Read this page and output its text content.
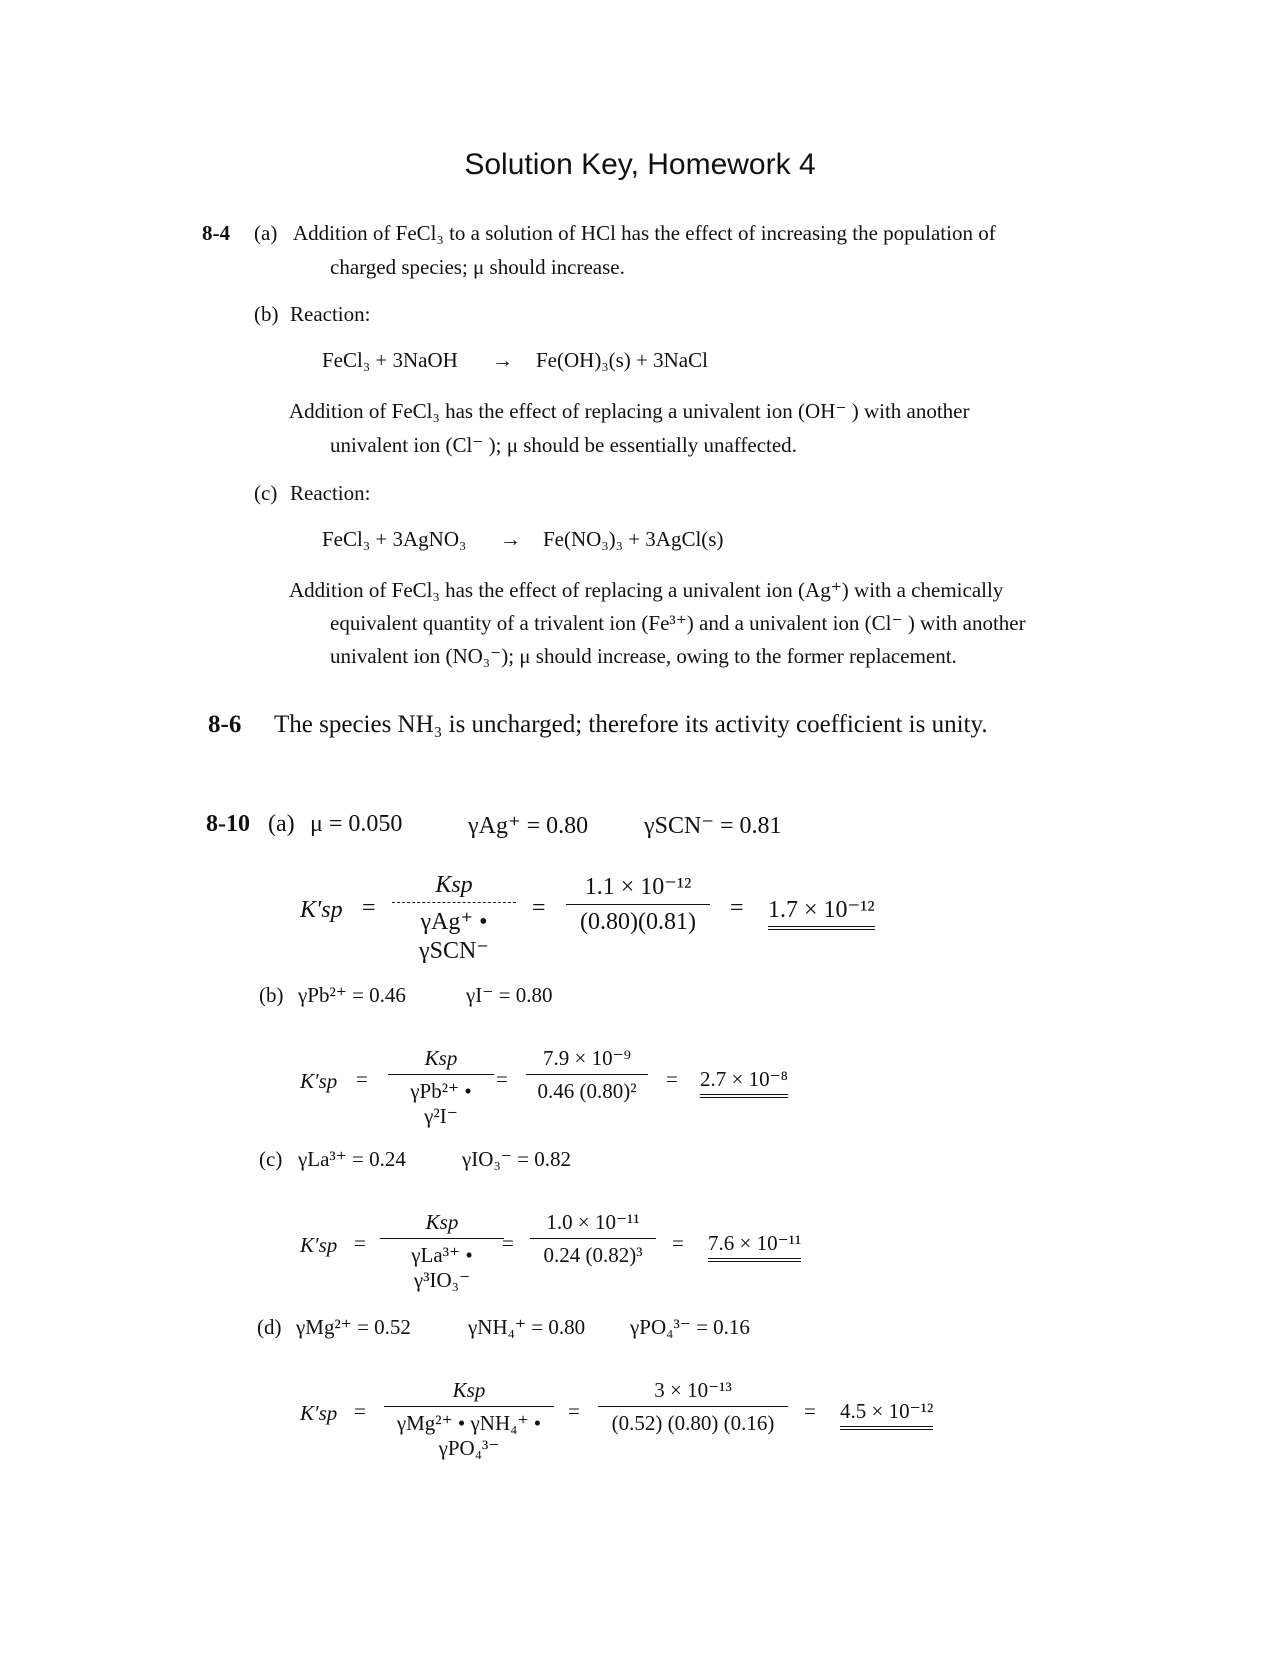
Solution Key, Homework 4
8-4 (a) Addition of FeCl₃ to a solution of HCl has the effect of increasing the population of
charged species; μ should increase.
(b) Reaction:
FeCl₃ + 3NaOH → Fe(OH)₃(s) + 3NaCl
Addition of FeCl₃ has the effect of replacing a univalent ion (OH⁻ ) with another
univalent ion (Cl⁻ ); μ should be essentially unaffected.
(c) Reaction:
FeCl₃ + 3AgNO₃ → Fe(NO₃)₃ + 3AgCl(s)
Addition of FeCl₃ has the effect of replacing a univalent ion (Ag⁺) with a chemically
equivalent quantity of a trivalent ion (Fe³⁺) and a univalent ion (Cl⁻ ) with another
univalent ion (NO₃⁻); μ should increase, owing to the former replacement.
8-6 The species NH₃ is uncharged; therefore its activity coefficient is unity.
8-10 (a) μ = 0.050	γAg⁺ = 0.80 γSCN⁻ = 0.81
K′sp =
Ksp
γAg⁺ • γSCN⁻
= $\frac{\text{1.1 × 10⁻¹²}}{(0.80)(0.81)} = 1.7 \times 10^{-12}$
(b) γPb²⁺ = 0.46	γI⁻ = 0.80
K′sp =
Ksp
γPb²⁺ • γ²I⁻
= $\frac{\text{7.9 × 10⁻⁹}}{\text{0.46 (0.80)²}} = 2.7 \times 10^{-8}$
(c) γLa³⁺ = 0.24	γIO₃⁻ = 0.82
K′sp =
Ksp
γLa³⁺ • γ³IO₃⁻
= $\frac{\text{1.0 × 10⁻¹¹}}{\text{0.24 (0.82)³}} = 7.6 \times 10^{-11}$
(d) γMg²⁺ = 0.52	γNH₄⁺ = 0.80 γPO₄³⁻ = 0.16
K′sp =
Ksp
γMg²⁺ • γNH₄⁺ • γPO₄³⁻
= $\frac{\text{3 × 10⁻¹³}}{(0.52) (0.80) (0.16)} = 4.5 \times 10^{-12}$
